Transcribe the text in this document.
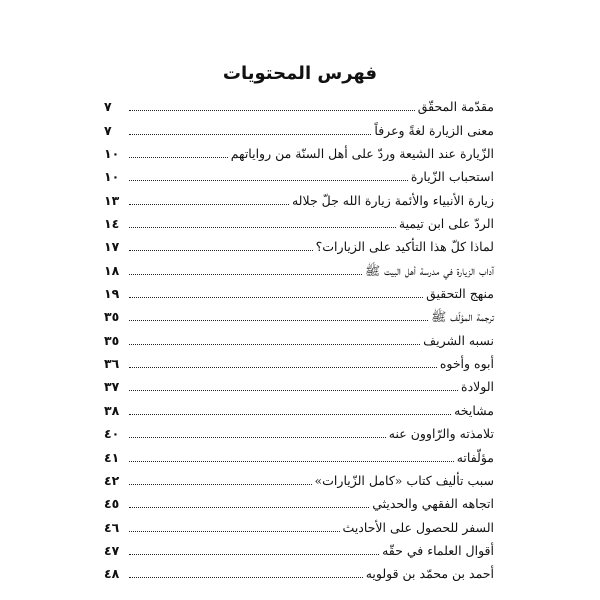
فهرس المحتويات
مقدّمة المحقّق
٧
معنى الزيارة لغةً وعرفاً
٧
الزّيارة عند الشيعة وردّ على أهل السنّة من رواياتهم
١٠
استحباب الزّيارة
١٠
زيارة الأنبياء والأئمة زيارة الله جلّ جلاله
١٣
الردّ على ابن تيمية
١٤
لماذا كلّ هذا التأكيد على الزيارات؟
١٧
آداب الزيارة في مدرسة أهل البيت ﷺ
١٨
منهج التحقيق
١٩
ترجمة المؤلّف ﷺ
٣٥
نسبه الشريف
٣٥
أبوه وأخوه
٣٦
الولادة
٣٧
مشايخه
٣٨
تلامذته والرّاوون عنه
٤٠
مؤلّفاته
٤١
سبب تأليف كتاب «كامل الزّيارات»
٤٢
اتجاهه الفقهي والحديثي
٤٥
السفر للحصول على الأحاديث
٤٦
أقوال العلماء في حقّه
٤٧
أحمد بن محمّد بن قولويه
٤٨
